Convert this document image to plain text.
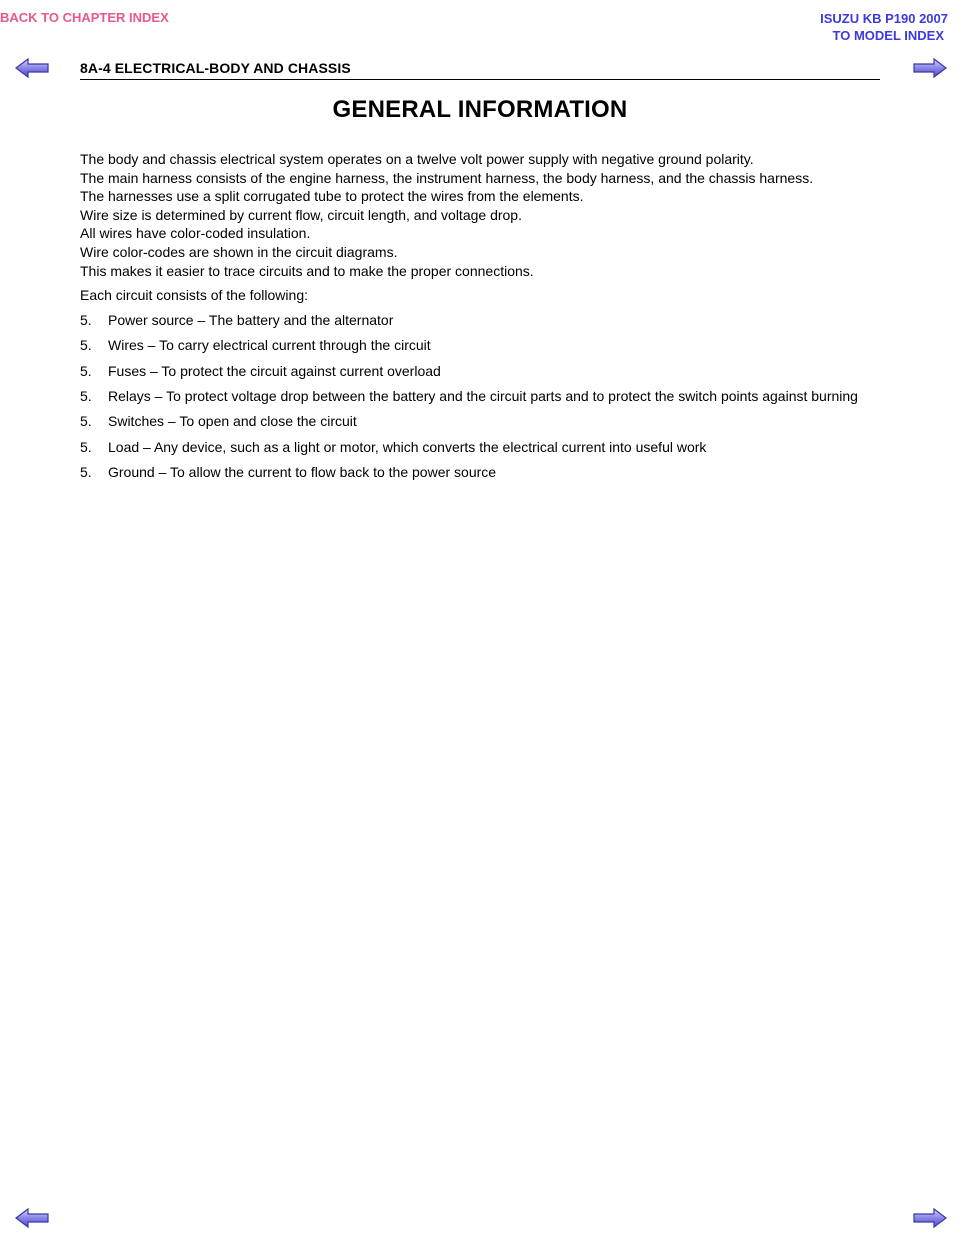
BACK TO CHAPTER INDEX	ISUZU KB P190 2007
TO MODEL INDEX
8A-4 ELECTRICAL-BODY AND CHASSIS
GENERAL INFORMATION

The body and chassis electrical system operates on a twelve volt power supply with negative ground polarity.

The main harness consists of the engine harness, the instrument harness, the body harness, and the chassis harness.

The harnesses use a split corrugated tube to protect the wires from the elements.

Wire size is determined by current flow, circuit length, and voltage drop.

All wires have color-coded insulation.

Wire color-codes are shown in the circuit diagrams.

This makes it easier to trace circuits and to make the proper connections.

Each circuit consists of the following:

5.	Power source – The battery and the alternator
5.	Wires – To carry electrical current through the circuit
5.	Fuses – To protect the circuit against current overload
5.	Relays – To protect voltage drop between the battery and the circuit parts and to protect the switch points against burning
5.	Switches – To open and close the circuit
5.	Load – Any device, such as a light or motor, which converts the electrical current into useful work
5.	Ground – To allow the current to flow back to the power source
